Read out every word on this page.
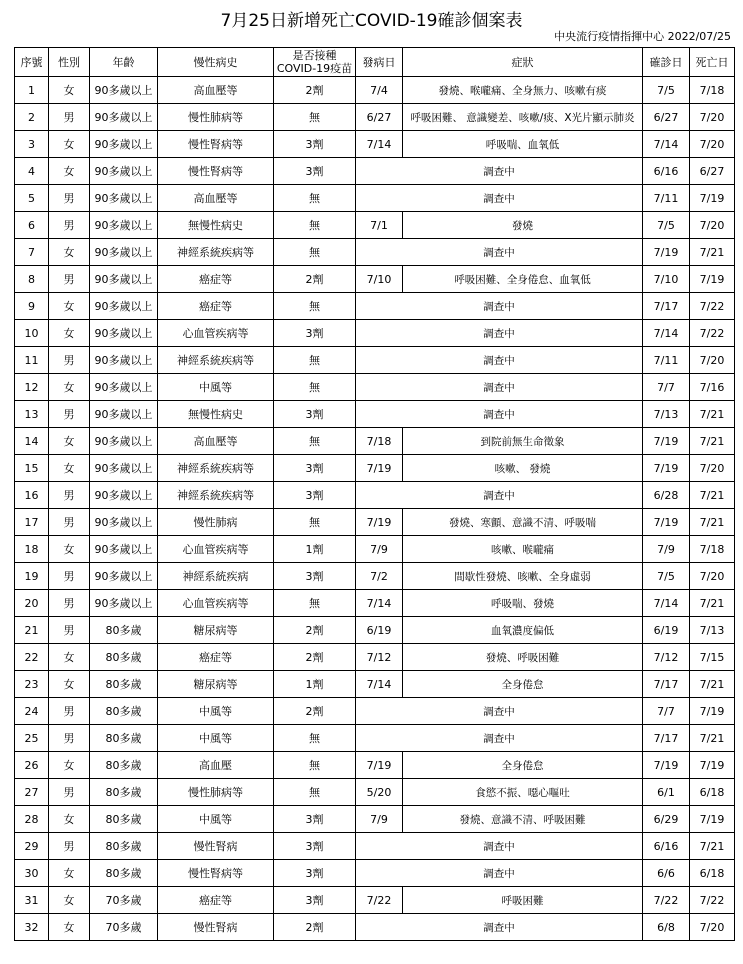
7月25日新增死亡COVID-19確診個案表
中央流行疫情指揮中心 2022/07/25
序號	性別	年齡	慢性病史	是否接種
COVID-19疫苗	發病日	症狀	確診日	死亡日
1	女	90多歲以上	高血壓等	2劑	7/4	發燒、喉嚨痛、全身無力、咳嗽有痰	7/5	7/18
2	男	90多歲以上	慢性肺病等	無	6/27	呼吸困難、 意識變差、咳嗽/痰、X光片顯示肺炎	6/27	7/20
3	女	90多歲以上	慢性腎病等	3劑	7/14	呼吸喘、血氧低	7/14	7/20
4	女	90多歲以上	慢性腎病等	3劑	調查中		6/16	6/27
5	男	90多歲以上	高血壓等	無	調查中		7/11	7/19
6	男	90多歲以上	無慢性病史	無	7/1	發燒	7/5	7/20
7	女	90多歲以上	神經系統疾病等	無	調查中		7/19	7/21
8	男	90多歲以上	癌症等	2劑	7/10	呼吸困難、全身倦怠、血氧低	7/10	7/19
9	女	90多歲以上	癌症等	無	調查中		7/17	7/22
10	女	90多歲以上	心血管疾病等	3劑	調查中		7/14	7/22
11	男	90多歲以上	神經系統疾病等	無	調查中		7/11	7/20
12	女	90多歲以上	中風等	無	調查中		7/7	7/16
13	男	90多歲以上	無慢性病史	3劑	調查中		7/13	7/21
14	女	90多歲以上	高血壓等	無	7/18	到院前無生命徵象	7/19	7/21
15	女	90多歲以上	神經系統疾病等	3劑	7/19	咳嗽、 發燒	7/19	7/20
16	男	90多歲以上	神經系統疾病等	3劑	調查中		6/28	7/21
17	男	90多歲以上	慢性肺病	無	7/19	發燒、寒顫、意識不清、呼吸喘	7/19	7/21
18	女	90多歲以上	心血管疾病等	1劑	7/9	咳嗽、喉嚨痛	7/9	7/18
19	男	90多歲以上	神經系統疾病	3劑	7/2	間歇性發燒、咳嗽、全身虛弱	7/5	7/20
20	男	90多歲以上	心血管疾病等	無	7/14	呼吸喘、發燒	7/14	7/21
21	男	80多歲	糖尿病等	2劑	6/19	血氧濃度偏低	6/19	7/13
22	女	80多歲	癌症等	2劑	7/12	發燒、呼吸困難	7/12	7/15
23	女	80多歲	糖尿病等	1劑	7/14	全身倦怠	7/17	7/21
24	男	80多歲	中風等	2劑	調查中		7/7	7/19
25	男	80多歲	中風等	無	調查中		7/17	7/21
26	女	80多歲	高血壓	無	7/19	全身倦怠	7/19	7/19
27	男	80多歲	慢性肺病等	無	5/20	食慾不振、噁心嘔吐	6/1	6/18
28	女	80多歲	中風等	3劑	7/9	發燒、意識不清、呼吸困難	6/29	7/19
29	男	80多歲	慢性腎病	3劑	調查中		6/16	7/21
30	女	80多歲	慢性腎病等	3劑	調查中		6/6	6/18
31	女	70多歲	癌症等	3劑	7/22	呼吸困難	7/22	7/22
32	女	70多歲	慢性腎病	2劑	調查中		6/8	7/20
